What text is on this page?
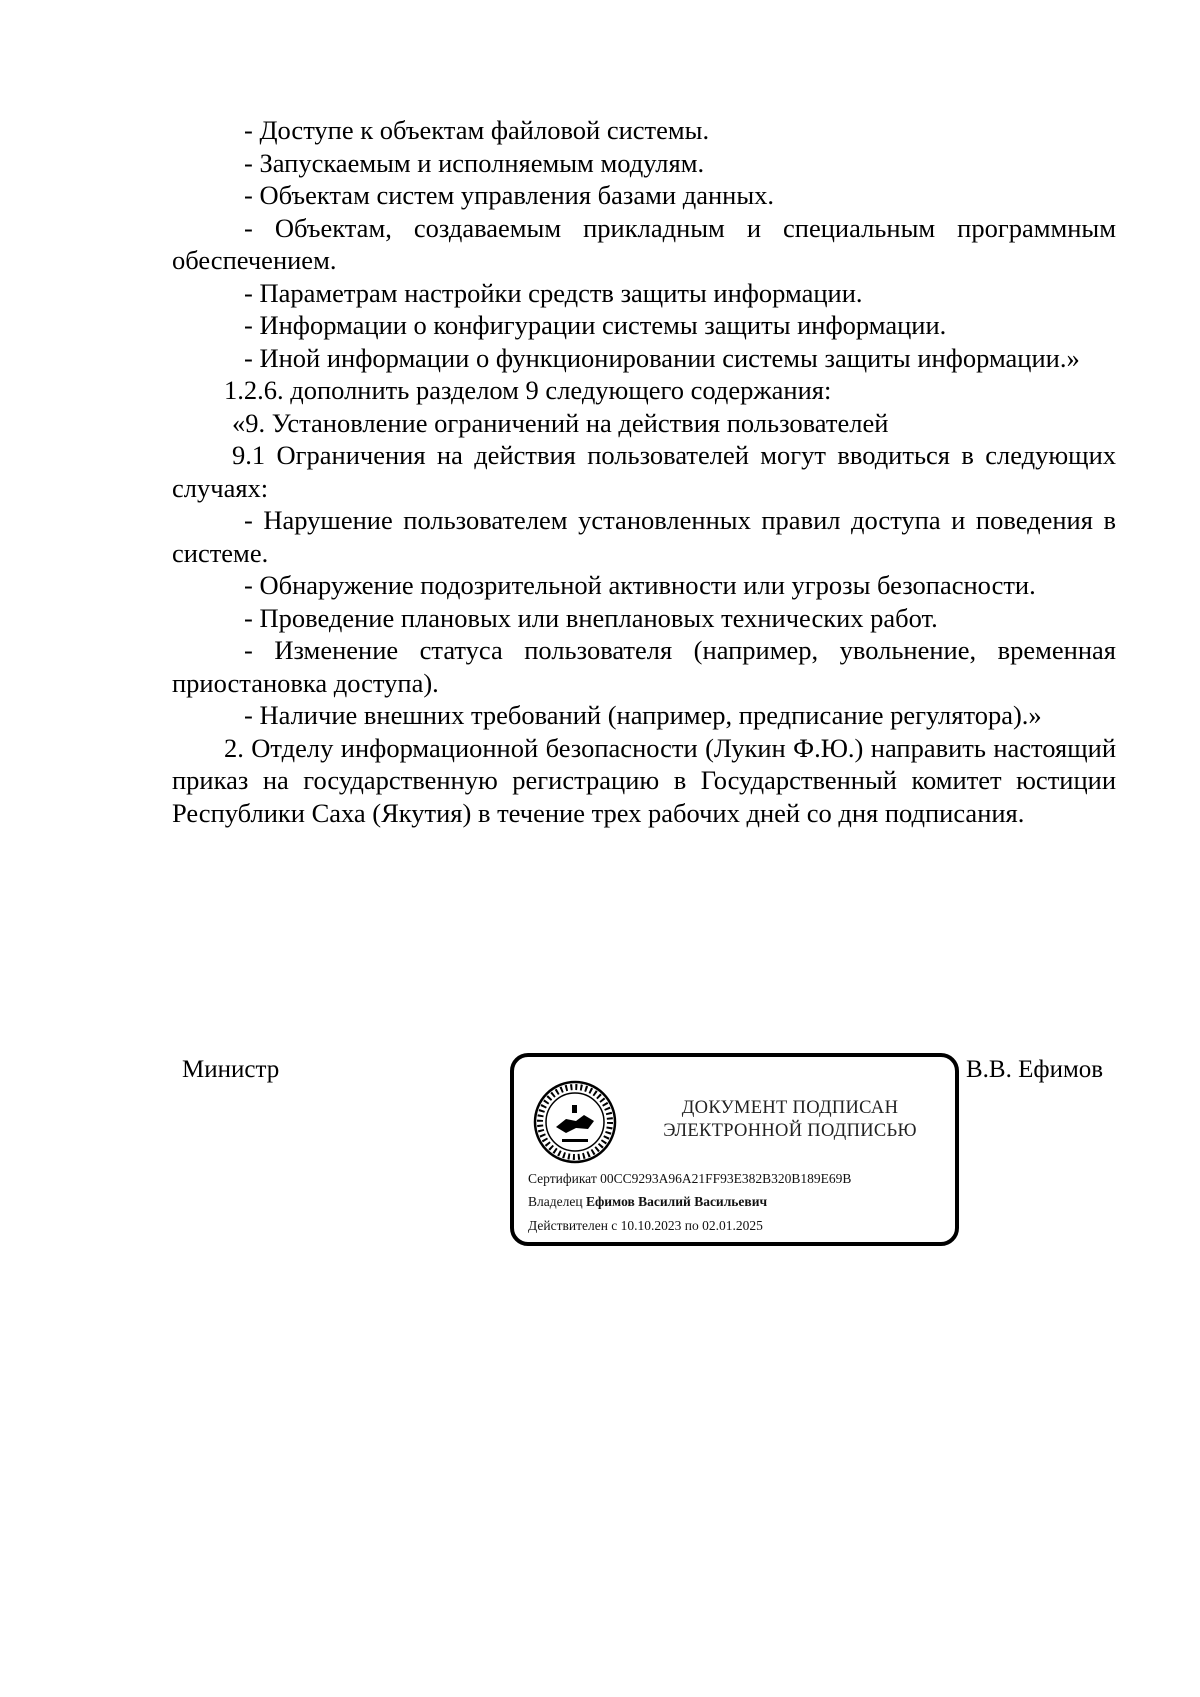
- Доступе к объектам файловой системы.

- Запускаемым и исполняемым модулям.

- Объектам систем управления базами данных.

- Объектам, создаваемым прикладным и специальным программным обеспечением.

- Параметрам настройки средств защиты информации.

- Информации о конфигурации системы защиты информации.

- Иной информации о функционировании системы защиты информации.»

1.2.6. дополнить разделом 9 следующего содержания:

«9. Установление ограничений на действия пользователей

9.1 Ограничения на действия пользователей могут вводиться в следующих случаях:

- Нарушение пользователем установленных правил доступа и поведения в системе.

- Обнаружение подозрительной активности или угрозы безопасности.

- Проведение плановых или внеплановых технических работ.

- Изменение статуса пользователя (например, увольнение, временная приостановка доступа).

- Наличие внешних требований (например, предписание регулятора).»

2. Отделу информационной безопасности (Лукин Ф.Ю.) направить настоящий приказ на государственную регистрацию в Государственный комитет юстиции Республики Саха (Якутия) в течение трех рабочих дней со дня подписания.

Министр
ДОКУМЕНТ ПОДПИСАН
ЭЛЕКТРОННОЙ ПОДПИСЬЮ
Сертификат 00CC9293A96A21FF93E382B320B189E69B
Владелец Ефимов Василий Васильевич
Действителен с 10.10.2023 по 02.01.2025
В.В. Ефимов
